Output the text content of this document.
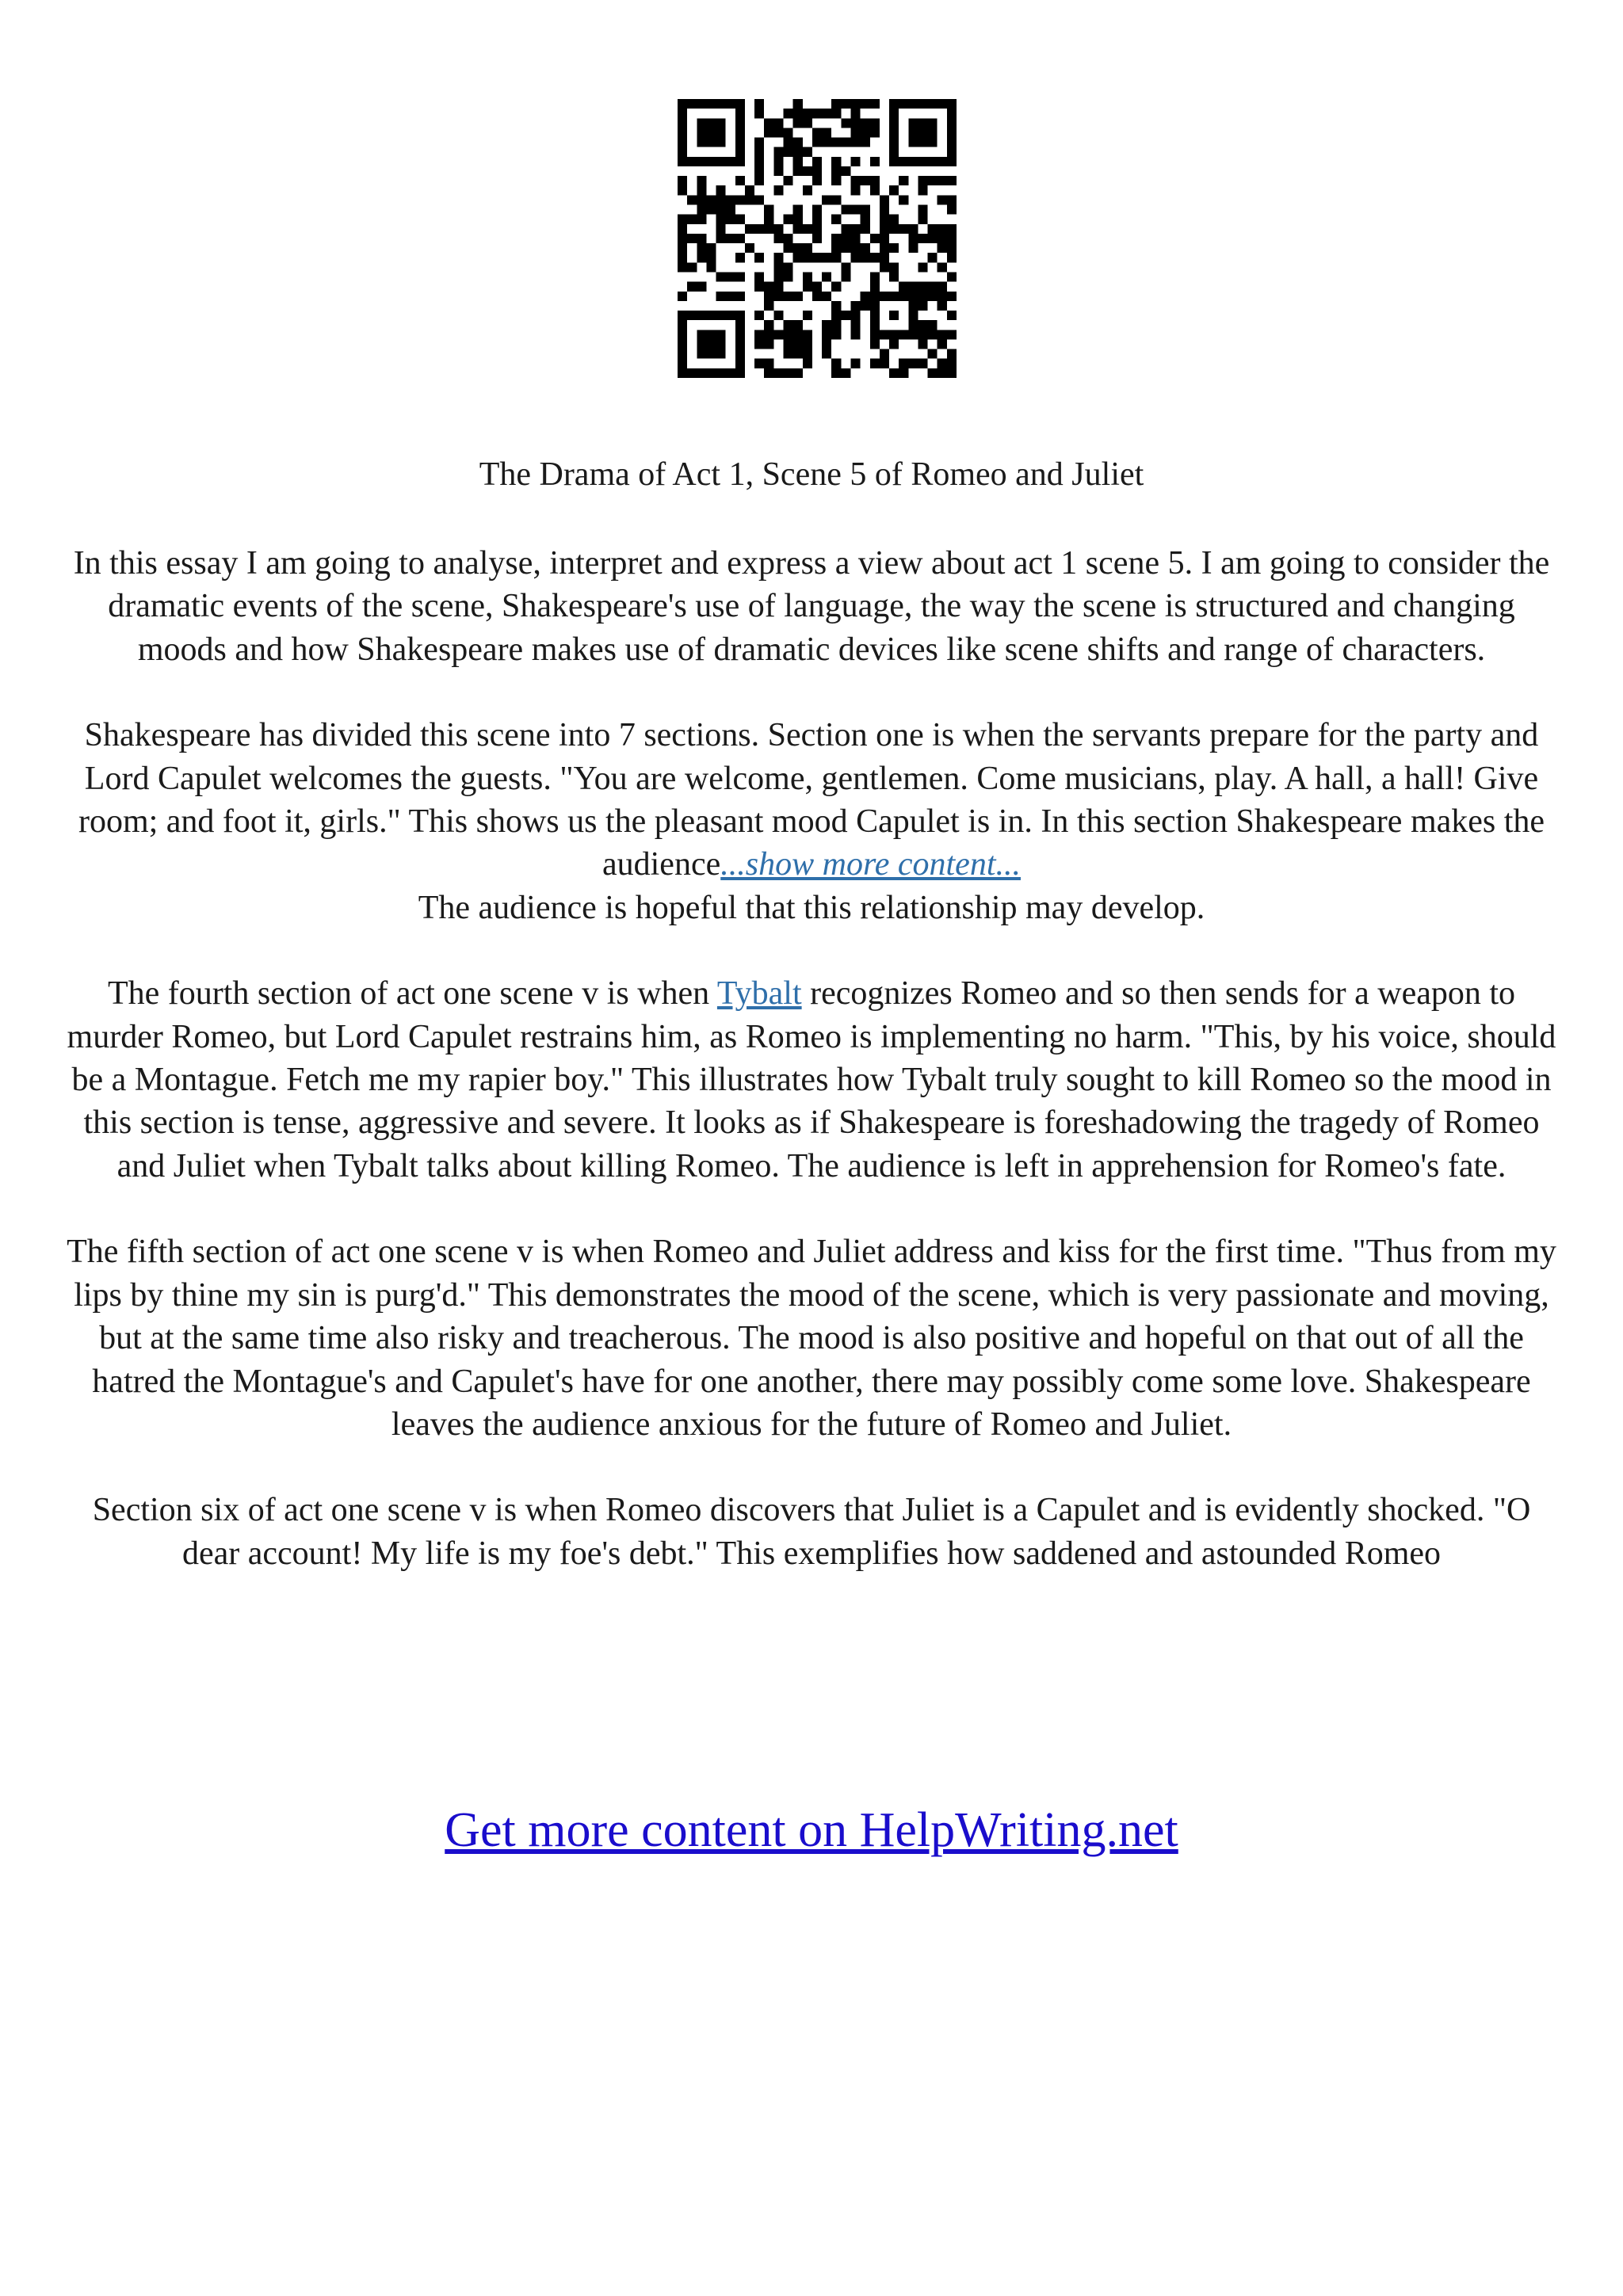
The Drama of Act 1, Scene 5 of Romeo and Juliet

In this essay I am going to analyse, interpret and express a view about act 1 scene 5. I am going to consider the dramatic events of the scene, Shakespeare's use of language, the way the scene is structured and changing moods and how Shakespeare makes use of dramatic devices like scene shifts and range of characters.

Shakespeare has divided this scene into 7 sections. Section one is when the servants prepare for the party and Lord Capulet welcomes the guests. "You are welcome, gentlemen. Come musicians, play. A hall, a hall! Give room; and foot it, girls." This shows us the pleasant mood Capulet is in. In this section Shakespeare makes the audience...show more content...
The audience is hopeful that this relationship may develop.

The fourth section of act one scene v is when Tybalt recognizes Romeo and so then sends for a weapon to murder Romeo, but Lord Capulet restrains him, as Romeo is implementing no harm. "This, by his voice, should be a Montague. Fetch me my rapier boy." This illustrates how Tybalt truly sought to kill Romeo so the mood in this section is tense, aggressive and severe. It looks as if Shakespeare is foreshadowing the tragedy of Romeo and Juliet when Tybalt talks about killing Romeo. The audience is left in apprehension for Romeo's fate.

The fifth section of act one scene v is when Romeo and Juliet address and kiss for the first time. "Thus from my lips by thine my sin is purg'd." This demonstrates the mood of the scene, which is very passionate and moving, but at the same time also risky and treacherous. The mood is also positive and hopeful on that out of all the hatred the Montague's and Capulet's have for one another, there may possibly come some love. Shakespeare leaves the audience anxious for the future of Romeo and Juliet.

Section six of act one scene v is when Romeo discovers that Juliet is a Capulet and is evidently shocked. "O dear account! My life is my foe's debt." This exemplifies how saddened and astounded Romeo

Get more content on HelpWriting.net
